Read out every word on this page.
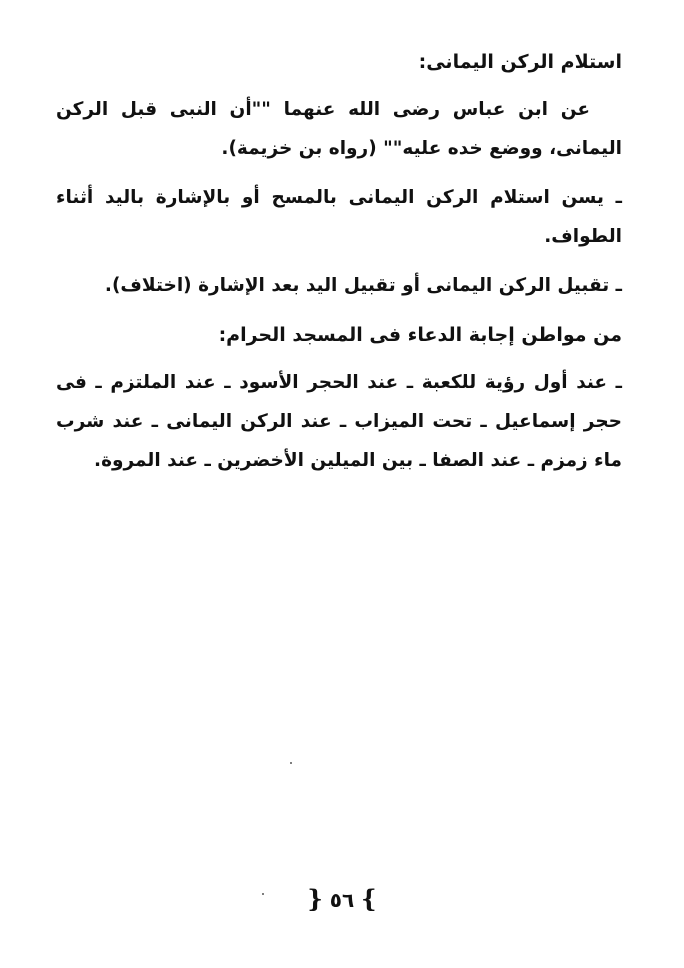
استلام الركن اليمانى:
عن ابن عباس رضى الله عنهما ""أن النبى قبل الركن اليمانى، ووضع خده عليه"" (رواه بن خزيمة).
ـ يسن استلام الركن اليمانى بالمسح أو بالإشارة باليد أثناء الطواف.
ـ تقبيل الركن اليمانى أو تقبيل اليد بعد الإشارة (اختلاف).
من مواطن إجابة الدعاء فى المسجد الحرام:
ـ عند أول رؤية للكعبة ـ عند الحجر الأسود ـ عند الملتزم ـ فى حجر إسماعيل ـ تحت الميزاب ـ عند الركن اليمانى ـ عند شرب ماء زمزم ـ عند الصفا ـ بين الميلين الأخضرين ـ عند المروة.
} ٥٦ {
